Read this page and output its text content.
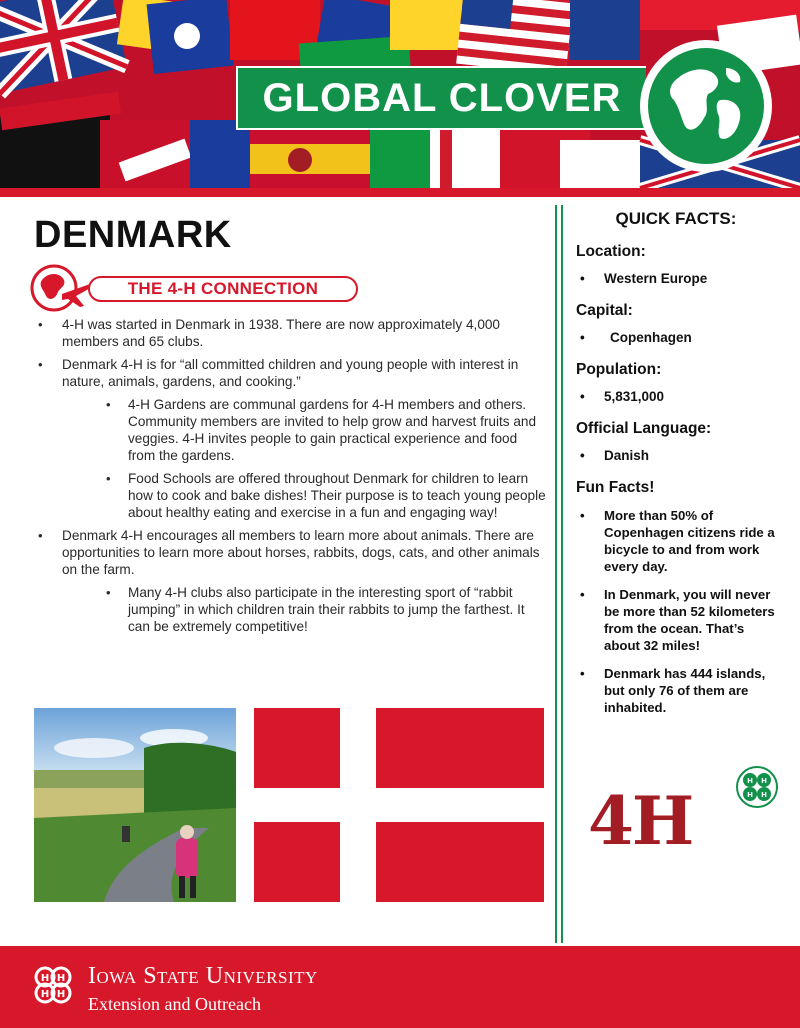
GLOBAL CLOVER
DENMARK
THE 4-H CONNECTION
• 4-H was started in Denmark in 1938. There are now approximately 4,000 members and 65 clubs.
• Denmark 4-H is for “all committed children and young people with interest in nature, animals, gardens, and cooking.”
• 4-H Gardens are communal gardens for 4-H members and others. Community members are invited to help grow and harvest fruits and veggies. 4-H invites people to gain practical experience and food from the gardens.
• Food Schools are offered throughout Denmark for children to learn how to cook and bake dishes! Their purpose is to teach young people about healthy eating and exercise in a fun and engaging way!
• Denmark 4-H encourages all members to learn more about animals. There are opportunities to learn more about horses, rabbits, dogs, cats, and other animals on the farm.
• Many 4-H clubs also participate in the interesting sport of “rabbit jumping” in which children train their rabbits to jump the farthest. It can be extremely competitive!
QUICK FACTS:
Location:
• Western Europe
Capital:
• Copenhagen
Population:
• 5,831,000
Official Language:
• Danish
Fun Facts!
• More than 50% of Copenhagen citizens ride a bicycle to and from work every day.
• In Denmark, you will never be more than 52 kilometers from the ocean. That’s about 32 miles!
• Denmark has 444 islands, but only 76 of them are inhabited.
4H
H H
H H
H H
H H
Iowa State University
Extension and Outreach
